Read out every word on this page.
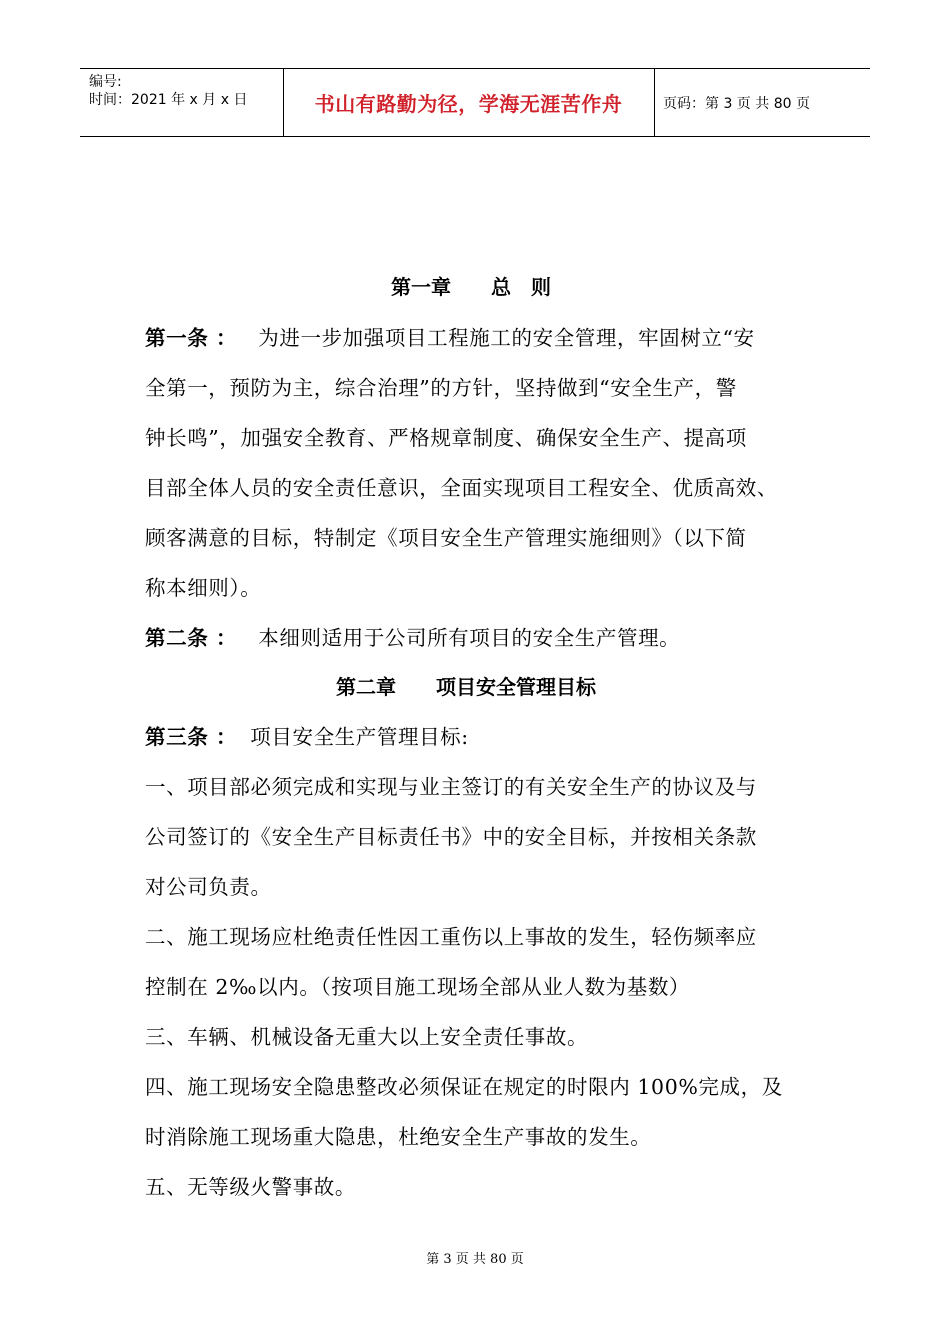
编号:
时间：2021 年 x 月 x 日	书山有路勤为径，学海无涯苦作舟	页码：第 3 页 共 80 页
第一章　　总　则
第一条 ： 为进一步加强项目工程施工的安全管理，牢固树立“安
全第一，预防为主，综合治理”的方针，坚持做到“安全生产，警
钟长鸣”，加强安全教育、严格规章制度、确保安全生产、提高项
目部全体人员的安全责任意识，全面实现项目工程安全、优质高效、
顾客满意的目标，特制定《项目安全生产管理实施细则》（以下简
称本细则）。
第二条 ： 本细则适用于公司所有项目的安全生产管理。
第二章　　项目安全管理目标
第三条 ： 项目安全生产管理目标:
一、项目部必须完成和实现与业主签订的有关安全生产的协议及与
公司签订的《安全生产目标责任书》中的安全目标，并按相关条款
对公司负责。
二、施工现场应杜绝责任性因工重伤以上事故的发生，轻伤频率应
控制在 2‰以内。（按项目施工现场全部从业人数为基数）
三、车辆、机械设备无重大以上安全责任事故。
四、施工现场安全隐患整改必须保证在规定的时限内 100%完成，及
时消除施工现场重大隐患，杜绝安全生产事故的发生。
五、无等级火警事故。
第 3 页 共 80 页
